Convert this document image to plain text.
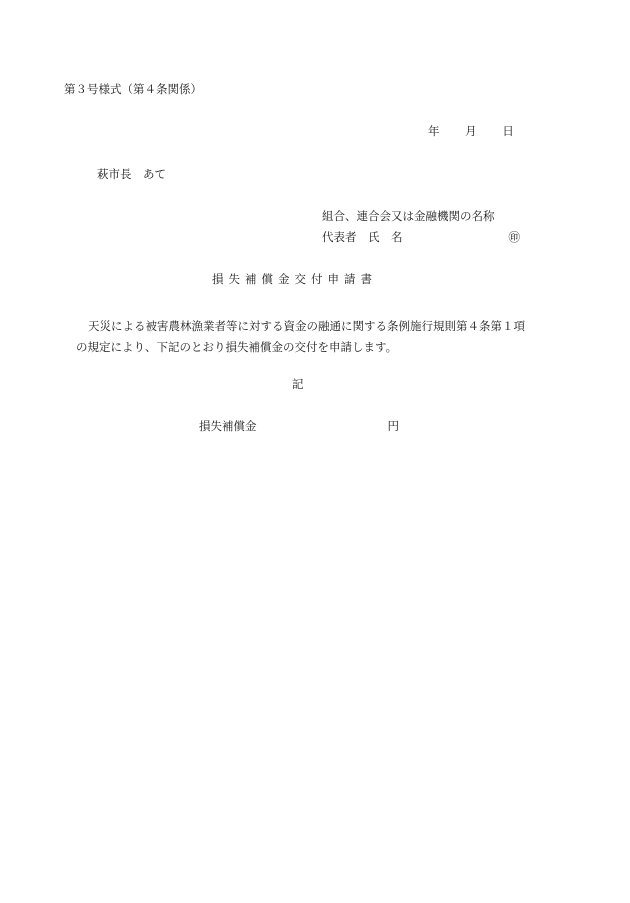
第３号様式（第４条関係）
年 月 日
萩市長　あて
組合、連合会又は金融機関の名称
代表者　氏　名	㊞
損失補償金交付申請書
天災による被害農林漁業者等に対する資金の融通に関する条例施行規則第４条第１項
の規定により、下記のとおり損失補償金の交付を申請します。
記
損失補償金	円
